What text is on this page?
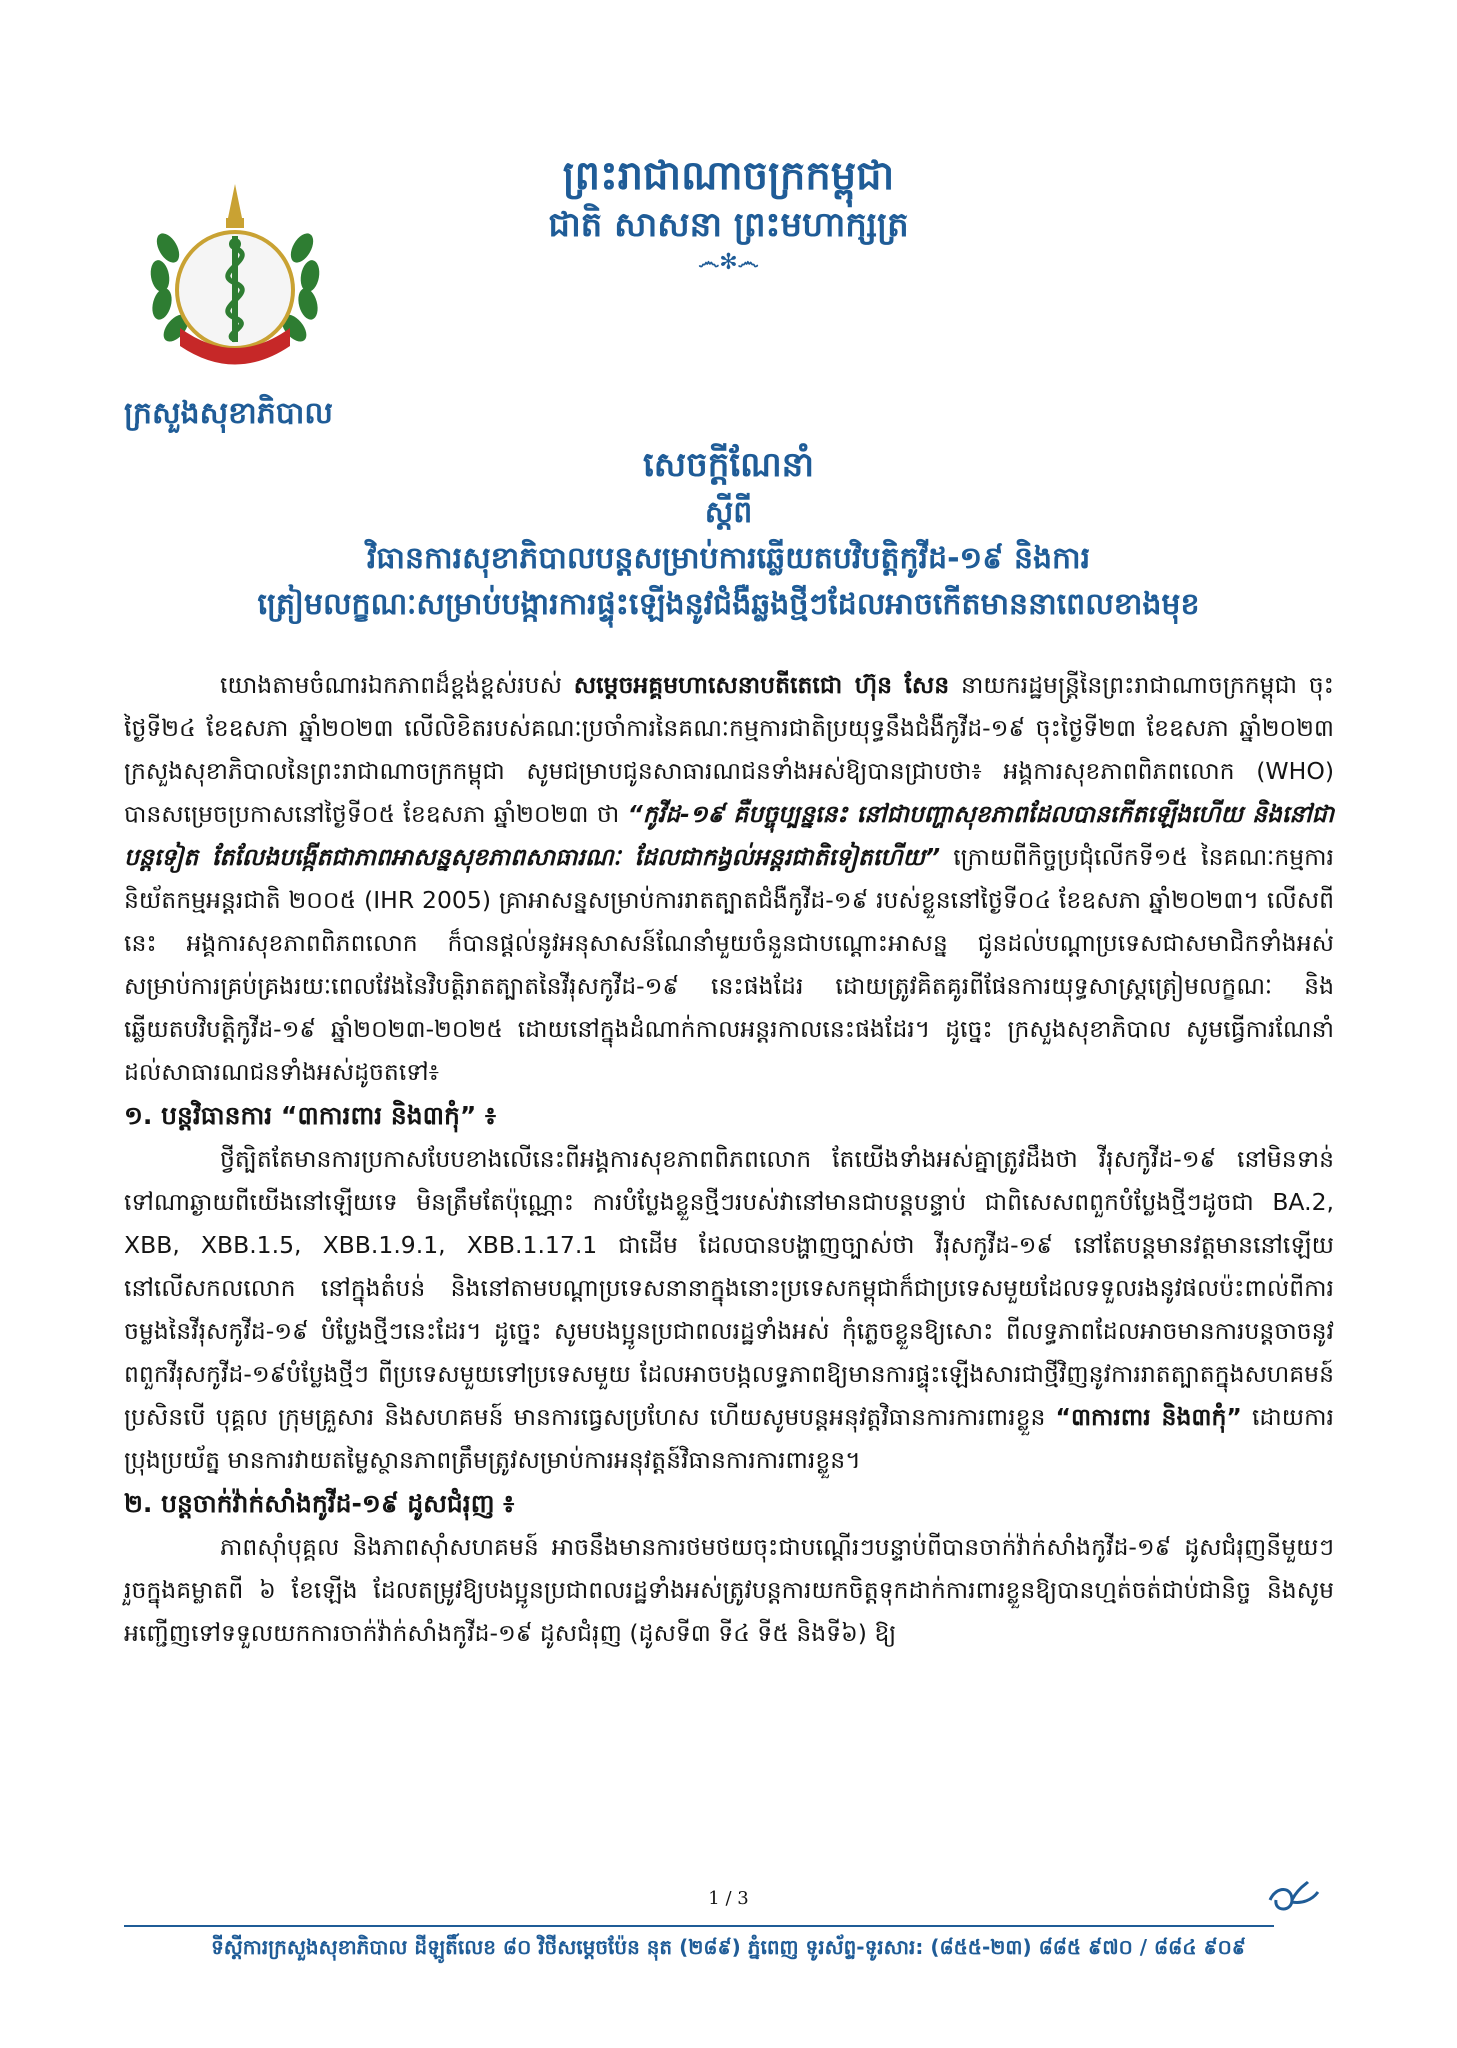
ព្រះរាជាណាចក្រកម្ពុជា
ជាតិ សាសនា ព្រះមហាក្សត្រ
෴✻෴
ក្រសួងសុខាភិបាល
សេចក្តីណែនាំ
ស្តីពី
វិធានការសុខាភិបាលបន្តសម្រាប់ការឆ្លើយតបវិបត្តិកូវីដ-១៩ និងការ
ត្រៀមលក្ខណៈសម្រាប់បង្ការការផ្ទុះឡើងនូវជំងឺឆ្លងថ្មីៗដែលអាចកើតមាននាពេលខាងមុខ

យោងតាមចំណារឯកភាពដ៏ខ្ពង់ខ្ពស់របស់ សម្តេចអគ្គមហាសេនាបតីតេជោ ហ៊ុន សែន នាយករដ្ឋមន្ត្រីនៃព្រះរាជាណាចក្រកម្ពុជា ចុះថ្ងៃទី២៤ ខែឧសភា ឆ្នាំ២០២៣ លើលិខិតរបស់គណៈប្រចាំការនៃគណៈកម្មការជាតិប្រយុទ្ធនឹងជំងឺកូវីដ-១៩ ចុះថ្ងៃទី២៣ ខែឧសភា ឆ្នាំ២០២៣ ក្រសួងសុខាភិបាលនៃព្រះរាជាណាចក្រកម្ពុជា សូមជម្រាបជូនសាធារណជនទាំងអស់ឱ្យបានជ្រាបថា៖ អង្គការសុខភាពពិភពលោក (WHO) បានសម្រេចប្រកាសនៅថ្ងៃទី០៥ ខែឧសភា ឆ្នាំ២០២៣ ថា “កូវីដ-១៩ គឺបច្ចុប្បន្ននេះ នៅជាបញ្ហាសុខភាពដែលបានកើតឡើងហើយ និងនៅជាបន្តទៀត តែលែងបង្កើតជាភាពអាសន្នសុខភាពសាធារណៈ ដែលជាកង្វល់អន្តរជាតិទៀតហើយ” ក្រោយពីកិច្ចប្រជុំលើកទី១៥ នៃគណៈកម្មការនិយ័តកម្មអន្តរជាតិ ២០០៥ (IHR 2005) គ្រាអាសន្នសម្រាប់ការរាតត្បាតជំងឺកូវីដ-១៩ របស់ខ្លួននៅថ្ងៃទី០៤ ខែឧសភា ឆ្នាំ២០២៣។ លើសពីនេះ អង្គការសុខភាពពិភពលោក ក៏បានផ្តល់នូវអនុសាសន៍ណែនាំមួយចំនួនជាបណ្តោះអាសន្ន ជូនដល់បណ្តាប្រទេសជាសមាជិកទាំងអស់ សម្រាប់ការគ្រប់គ្រងរយៈពេលវែងនៃវិបត្តិរាតត្បាតនៃវីរុសកូវីដ-១៩ នេះផងដែរ ដោយត្រូវគិតគូរពីផែនការយុទ្ធសាស្ត្រត្រៀមលក្ខណៈ និងឆ្លើយតបវិបត្តិកូវីដ-១៩ ឆ្នាំ២០២៣-២០២៥ ដោយនៅក្នុងដំណាក់កាលអន្តរកាលនេះផងដែរ។ ដូច្នេះ ក្រសួងសុខាភិបាល សូមធ្វើការណែនាំដល់សាធារណជនទាំងអស់ដូចតទៅ៖

១. បន្តវិធានការ “៣ការពារ និង៣កុំ” ៖

ថ្វីត្បិតតែមានការប្រកាសបែបខាងលើនេះពីអង្គការសុខភាពពិភពលោក តែយើងទាំងអស់គ្នាត្រូវដឹងថា វីរុសកូវីដ-១៩ នៅមិនទាន់ទៅណាឆ្ងាយពីយើងនៅឡើយទេ មិនត្រឹមតែប៉ុណ្ណោះ ការបំប្លែងខ្លួនថ្មីៗរបស់វានៅមានជាបន្តបន្ទាប់ ជាពិសេសពពួកបំប្លែងថ្មីៗដូចជា BA.2, XBB, XBB.1.5, XBB.1.9.1, XBB.1.17.1 ជាដើម ដែលបានបង្ហាញច្បាស់ថា វីរុសកូវីដ-១៩ នៅតែបន្តមានវត្តមាននៅឡើយនៅលើសកលលោក នៅក្នុងតំបន់ និងនៅតាមបណ្តាប្រទេសនានាក្នុងនោះប្រទេសកម្ពុជាក៏ជាប្រទេសមួយដែលទទួលរងនូវផលប៉ះពាល់ពីការចម្លងនៃវីរុសកូវីដ-១៩ បំប្លែងថ្មីៗនេះដែរ។ ដូច្នេះ សូមបងប្អូនប្រជាពលរដ្ឋទាំងអស់ កុំភ្លេចខ្លួនឱ្យសោះ ពីលទ្ធភាពដែលអាចមានការបន្តចាចនូវពពួកវីរុសកូវីដ-១៩បំប្លែងថ្មីៗ ពីប្រទេសមួយទៅប្រទេសមួយ ដែលអាចបង្កលទ្ធភាពឱ្យមានការផ្ទុះឡើងសារជាថ្មីវិញនូវការរាតត្បាតក្នុងសហគមន៍ ប្រសិនបើ បុគ្គល ក្រុមគ្រួសារ និងសហគមន៍ មានការធ្វេសប្រហែស ហើយសូមបន្តអនុវត្តវិធានការការពារខ្លួន “៣ការពារ និង៣កុំ” ដោយការប្រុងប្រយ័ត្ន មានការវាយតម្លៃស្ថានភាពត្រឹមត្រូវសម្រាប់ការអនុវត្តន៍វិធានការការពារខ្លួន។

២. បន្តចាក់វ៉ាក់សាំងកូវីដ-១៩ ដូសជំរុញ ៖

ភាពស៊ាំបុគ្គល និងភាពស៊ាំសហគមន៍ អាចនឹងមានការថមថយចុះជាបណ្តើរៗបន្ទាប់ពីបានចាក់វ៉ាក់សាំងកូវីដ-១៩ ដូសជំរុញនីមួយៗរួចក្នុងគម្លាតពី ៦ ខែឡើង ដែលតម្រូវឱ្យបងប្អូនប្រជាពលរដ្ឋទាំងអស់ត្រូវបន្តការយកចិត្តទុកដាក់ការពារខ្លួនឱ្យបានហ្មត់ចត់ជាប់ជានិច្ច និងសូមអញ្ជើញទៅទទួលយកការចាក់វ៉ាក់សាំងកូវីដ-១៩ ដូសជំរុញ (ដូសទី៣ ទី៤ ទី៥ និងទី៦) ឱ្យ

1 / 3
ទីស្តីការក្រសួងសុខាភិបាល ដីឡូតិ៍លេខ ៨០ វិថីសម្តេចប៉ែន នុត (២៨៩) ភ្នំពេញ ទូរស័ព្ទ-ទូរសារ: (៨៥៥-២៣) ៨៨៥ ៩៧០ / ៨៨៤ ៩០៩
